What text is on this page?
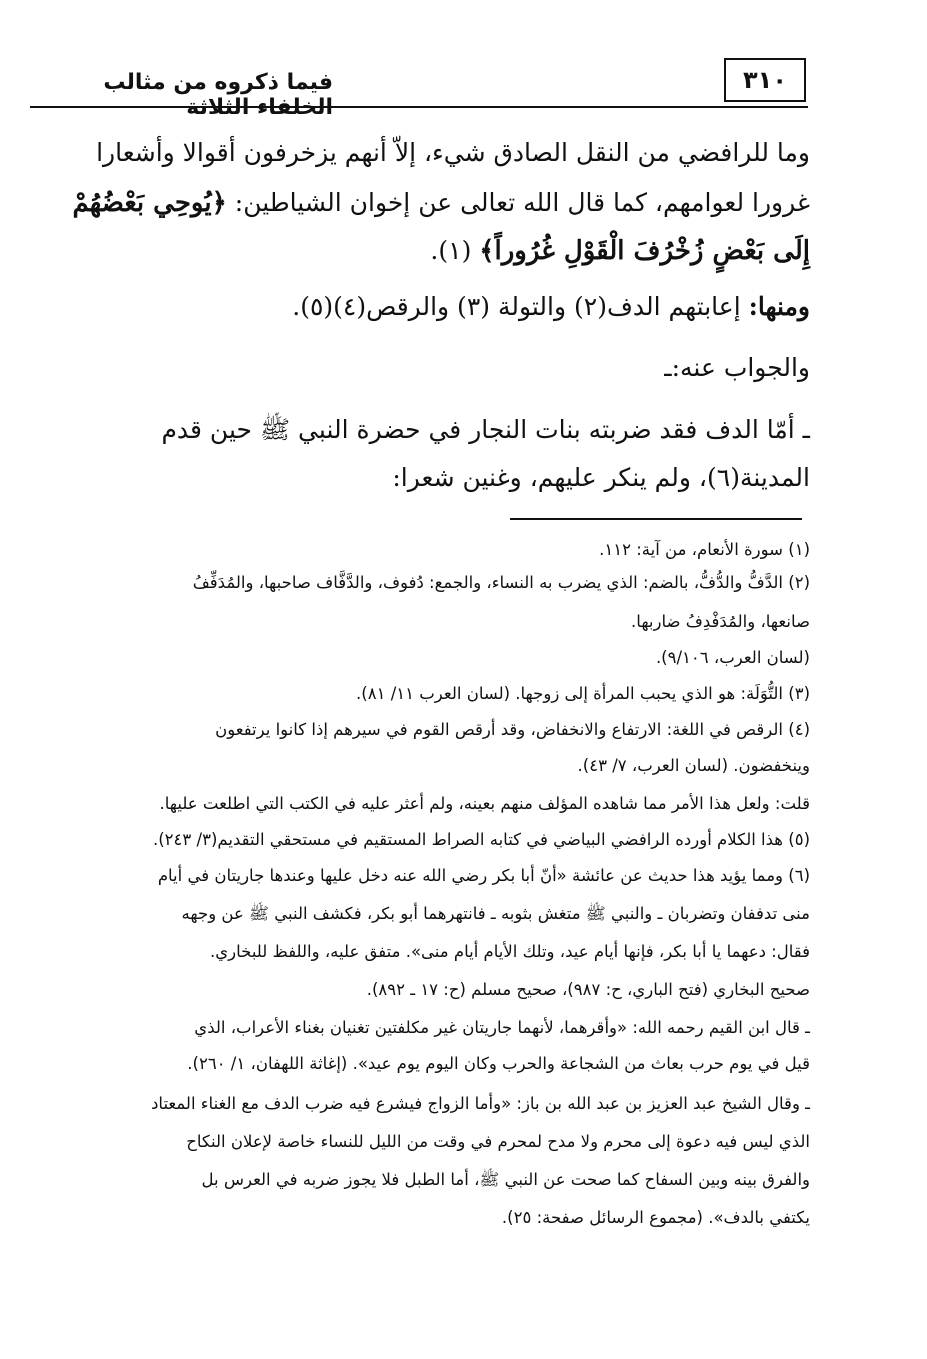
فيما ذكروه من مثالب الخلفاء الثلاثة
٣١٠
وما للرافضي من النقل الصادق شيء، إلاّ أنهم يزخرفون أقوالا وأشعارا
غرورا لعوامهم، كما قال الله تعالى عن إخوان الشياطين: ﴿يُوحِي بَعْضُهُمْ
إِلَى بَعْضٍ زُخْرُفَ الْقَوْلِ غُرُوراً﴾ (١).
ومنها: إعابتهم الدف(٢) والتولة (٣) والرقص(٤)(٥).
والجواب عنه:ـ
ـ أمّا الدف فقد ضربته بنات النجار في حضرة النبي ﷺ حين قدم
المدينة(٦)، ولم ينكر عليهم، وغنين شعرا:
(١) سورة الأنعام، من آية: ١١٢.
(٢) الدَّفُّ والدُّفُّ، بالضم: الذي يضرب به النساء، والجمع: دُفوف، والدَّفَّاف صاحبها، والمُدَفِّفُ
صانعها، والمُدَفْدِفُ ضاربها.
(لسان العرب، ٩/١٠٦).
(٣) التُّوَلَة: هو الذي يحبب المرأة إلى زوجها. (لسان العرب ١١/ ٨١).
(٤) الرقص في اللغة: الارتفاع والانخفاض، وقد أرقص القوم في سيرهم إذا كانوا يرتفعون
وينخفضون. (لسان العرب، ٧/ ٤٣).
قلت: ولعل هذا الأمر مما شاهده المؤلف منهم بعينه، ولم أعثر عليه في الكتب التي اطلعت عليها.
(٥) هذا الكلام أورده الرافضي البياضي في كتابه الصراط المستقيم في مستحقي التقديم(٣/ ٢٤٣).
(٦) ومما يؤيد هذا حديث عن عائشة «أنّ أبا بكر رضي الله عنه دخل عليها وعندها جاريتان في أيام
منى تدففان وتضربان ـ والنبي ﷺ متغش بثوبه ـ فانتهرهما أبو بكر، فكشف النبي ﷺ عن وجهه
فقال: دعهما يا أبا بكر، فإنها أيام عيد، وتلك الأيام أيام منى». متفق عليه، واللفظ للبخاري.
صحيح البخاري (فتح الباري، ح: ٩٨٧)، صحيح مسلم (ح: ١٧ ـ ٨٩٢).
ـ قال ابن القيم رحمه الله: «وأقرهما، لأنهما جاريتان غير مكلفتين تغنيان بغناء الأعراب، الذي
قيل في يوم حرب بعاث من الشجاعة والحرب وكان اليوم يوم عيد». (إغاثة اللهفان، ١/ ٢٦٠).
ـ وقال الشيخ عبد العزيز بن عبد الله بن باز: «وأما الزواج فيشرع فيه ضرب الدف مع الغناء المعتاد
الذي ليس فيه دعوة إلى محرم ولا مدح لمحرم في وقت من الليل للنساء خاصة لإعلان النكاح
والفرق بينه وبين السفاح كما صحت عن النبي ﷺ، أما الطبل فلا يجوز ضربه في العرس بل
يكتفي بالدف». (مجموع الرسائل صفحة: ٢٥).
